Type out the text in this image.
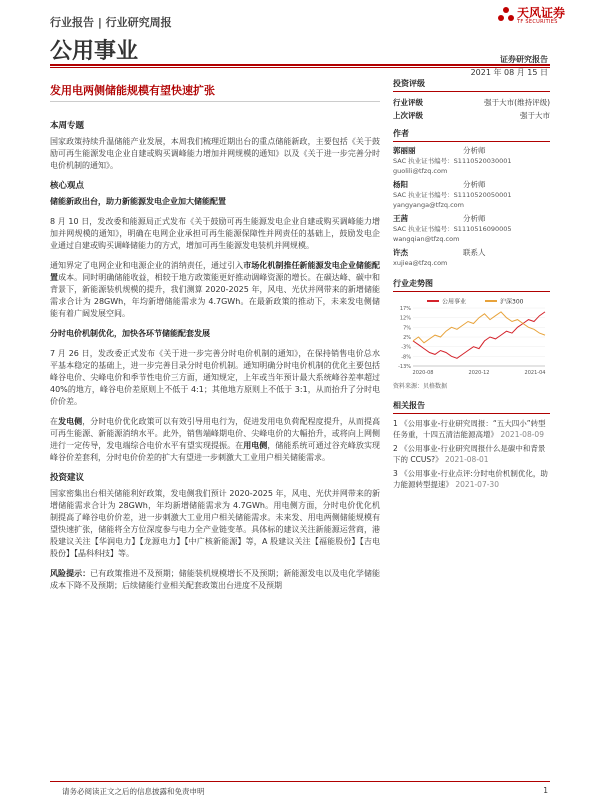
行业报告 | 行业研究周报
天风证券
TF SECURITIES
公用事业	证券研究报告
2021 年 08 月 15 日
发用电两侧储能规模有望快速扩张
本周专题
国家政策持续升温储能产业发展，本周我们梳理近期出台的重点储能新政，主要包括《关于鼓励可再生能源发电企业自建或购买调峰能力增加并网规模的通知》以及《关于进一步完善分时电价机制的通知》。
核心观点
储能新政出台，助力新能源发电企业加大储能配置
8 月 10 日，发改委和能源局正式发布《关于鼓励可再生能源发电企业自建或购买调峰能力增加并网规模的通知》，明确在电网企业承担可再生能源保障性并网责任的基础上，鼓励发电企业通过自建或购买调峰储能力的方式，增加可再生能源发电装机并网规模。
通知界定了电网企业和电源企业的消纳责任，通过引入市场化机制推任新能源发电企业储能配置成本。同时明确储能收益，相较于地方政策能更好推动调峰资源的增长。在碳达峰、碳中和背景下，新能源装机规模的提升，我们测算 2020-2025 年，风电、光伏并网带来的新增储能需求合计为 28GWh，年均新增储能需求为 4.7GWh。在最新政策的推动下，未来发电侧储能有着广阔发展空间。
分时电价机制优化，加快各环节储能配套发展
7 月 26 日，发改委正式发布《关于进一步完善分时电价机制的通知》，在保持销售电价总水平基本稳定的基础上，进一步完善目录分时电价机制。通知明确分时电价机制的优化主要包括峰谷电价、尖峰电价和季节性电价三方面，通知规定，上年或当年预计最大系统峰谷差率超过 40%的地方，峰谷电价差原则上不低于 4:1；其他地方原则上不低于 3:1，从而抬升了分时电价价差。
在发电侧，分时电价优化政策可以有效引导用电行为，促进发用电负荷配程度提升，从而提高可再生能源、新能源消纳水平。此外，销售端峰期电价、尖峰电价的大幅抬升，或将向上网侧进行一定传导，发电端综合电价水平有望实现提振。在用电侧，储能系统可通过谷充峰放实现峰谷价差套利，分时电价价差的扩大有望进一步刺激大工业用户相关储能需求。
投资建议
国家密集出台相关储能利好政策，发电侧我们预计 2020-2025 年，风电、光伏并网带来的新增储能需求合计为 28GWh，年均新增储能需求为 4.7GWh。用电侧方面，分时电价优化机制提高了峰谷电价价差，进一步刺激大工业用户相关储能需求。未来发、用电两侧储能规模有望快速扩张，储能将全方位深度参与电力全产业链变革。具体标的建议关注新能源运营商，港股建议关注【华润电力】【龙源电力】【中广核新能源】等，A 股建议关注【福能股份】【吉电股份】【晶科科技】等。
风险提示：已有政策推进不及预期；储能装机规模增长不及预期；新能源发电以及电化学储能成本下降不及预期；后续储能行业相关配套政策出台进度不及预期
投资评级
行业评级	强于大市(维持评级)
上次评级	强于大市
作者
郭丽丽	分析师
SAC 执业证书编号：S1110520030001
guolili@tfzq.com
杨阳	分析师
SAC 执业证书编号：S1110520050001
yangyanga@tfzq.com
王茜	分析师
SAC 执业证书编号：S1110516090005
wangqian@tfzq.com
许杰	联系人
xujiea@tfzq.com
行业走势图
公用事业	沪深300
17%
12%
7%
2%
-3%
-8%
-13%
2020-08	2020-12	2021-04
资料来源：贝格数据
相关报告
1 《公用事业-行业研究周报：“五大四小”转型任务重，十四五清洁能源高增》 2021-08-09
2 《公用事业-行业研究周报什么是碳中和背景下的 CCUS?》 2021-08-01
3 《公用事业-行业点评:分时电价机制优化，助力能源转型提速》 2021-07-30
请务必阅读正文之后的信息披露和免责申明	1
